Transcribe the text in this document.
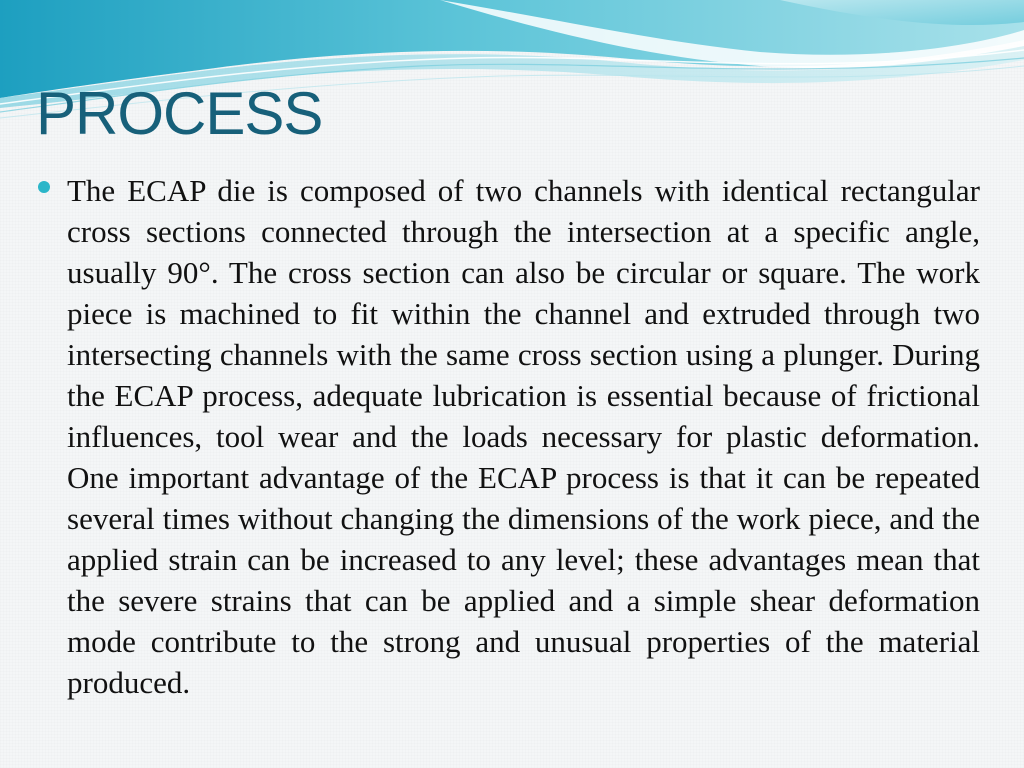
PROCESS

The ECAP die is composed of two channels with identical rectangular cross sections connected through the intersection at a specific angle, usually 90°. The cross section can also be circular or square. The work piece is machined to fit within the channel and extruded through two intersecting channels with the same cross section using a plunger. During the ECAP process, adequate lubrication is essential because of frictional influences, tool wear and the loads necessary for plastic deformation. One important advantage of the ECAP process is that it can be repeated several times without changing the dimensions of the work piece, and the applied strain can be increased to any level; these advantages mean that the severe strains that can be applied and a simple shear deformation mode contribute to the strong and unusual properties of the material produced.
